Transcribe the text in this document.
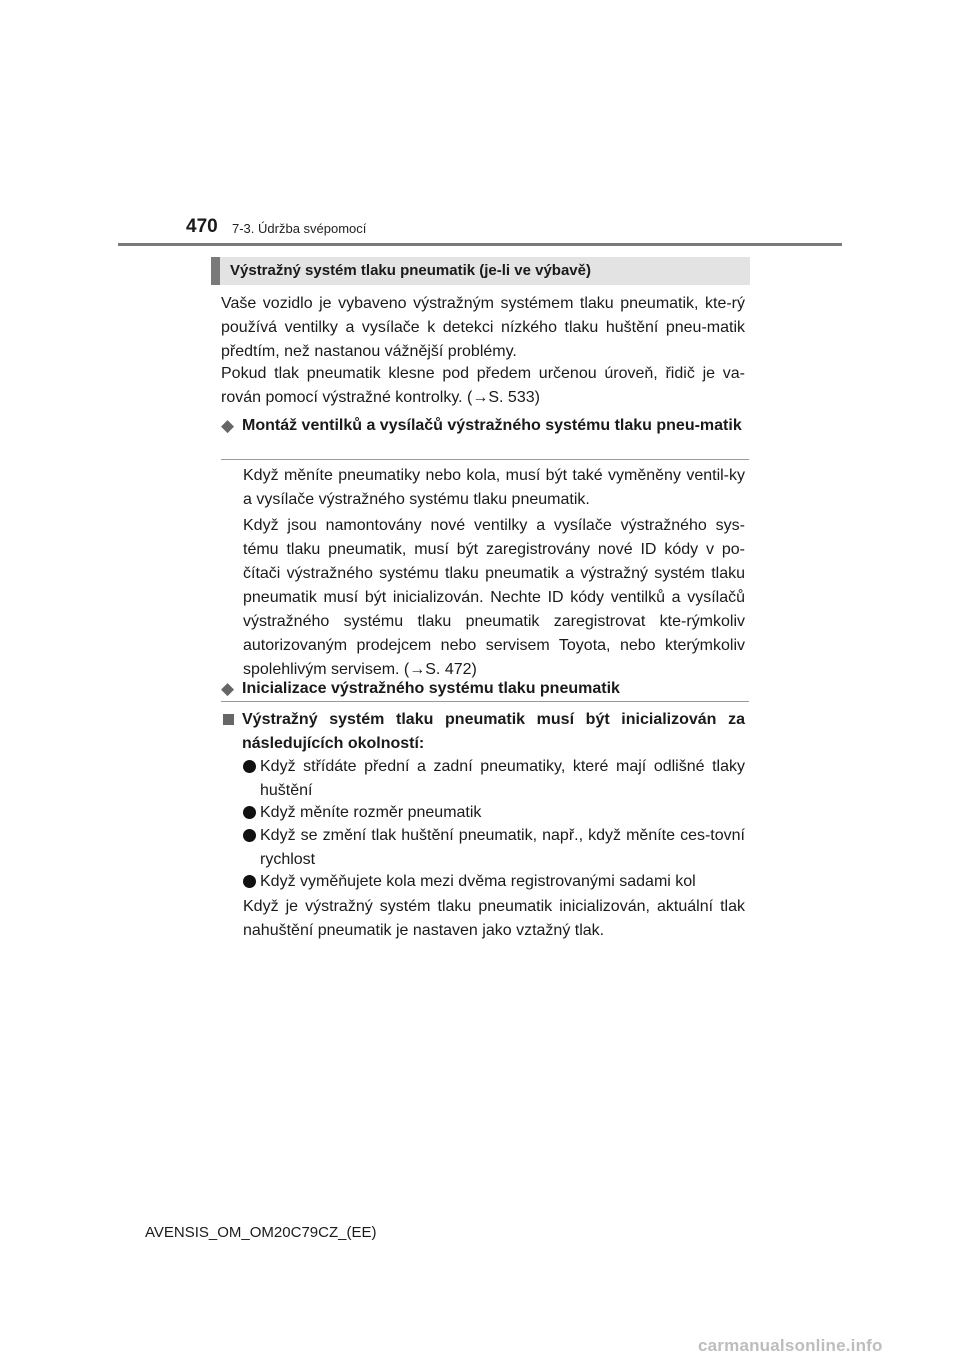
470 7-3. Údržba svépomocí
Výstražný systém tlaku pneumatik (je-li ve výbavě)

Vaše vozidlo je vybaveno výstražným systémem tlaku pneumatik, kte-rý používá ventilky a vysílače k detekci nízkého tlaku huštění pneu-matik předtím, než nastanou vážnější problémy.

Pokud tlak pneumatik klesne pod předem určenou úroveň, řidič je va-rován pomocí výstražné kontrolky. (→S. 533)

◆ Montáž ventilků a vysílačů výstražného systému tlaku pneu-matik

Když měníte pneumatiky nebo kola, musí být také vyměněny ventil-ky a vysílače výstražného systému tlaku pneumatik.

Když jsou namontovány nové ventilky a vysílače výstražného sys-tému tlaku pneumatik, musí být zaregistrovány nové ID kódy v po-čítači výstražného systému tlaku pneumatik a výstražný systém tlaku pneumatik musí být inicializován. Nechte ID kódy ventilků a vysílačů výstražného systému tlaku pneumatik zaregistrovat kte-rýmkoliv autorizovaným prodejcem nebo servisem Toyota, nebo kterýmkoliv spolehlivým servisem. (→S. 472)

◆ Inicializace výstražného systému tlaku pneumatik
Výstražný systém tlaku pneumatik musí být inicializován za následujících okolností:
Když střídáte přední a zadní pneumatiky, které mají odlišné tlaky huštění
Když měníte rozměr pneumatik
Když se změní tlak huštění pneumatik, např., když měníte ces-tovní rychlost
Když vyměňujete kola mezi dvěma registrovanými sadami kol

Když je výstražný systém tlaku pneumatik inicializován, aktuální tlak nahuštění pneumatik je nastaven jako vztažný tlak.

AVENSIS_OM_OM20C79CZ_(EE)
carmanualsonline.info
